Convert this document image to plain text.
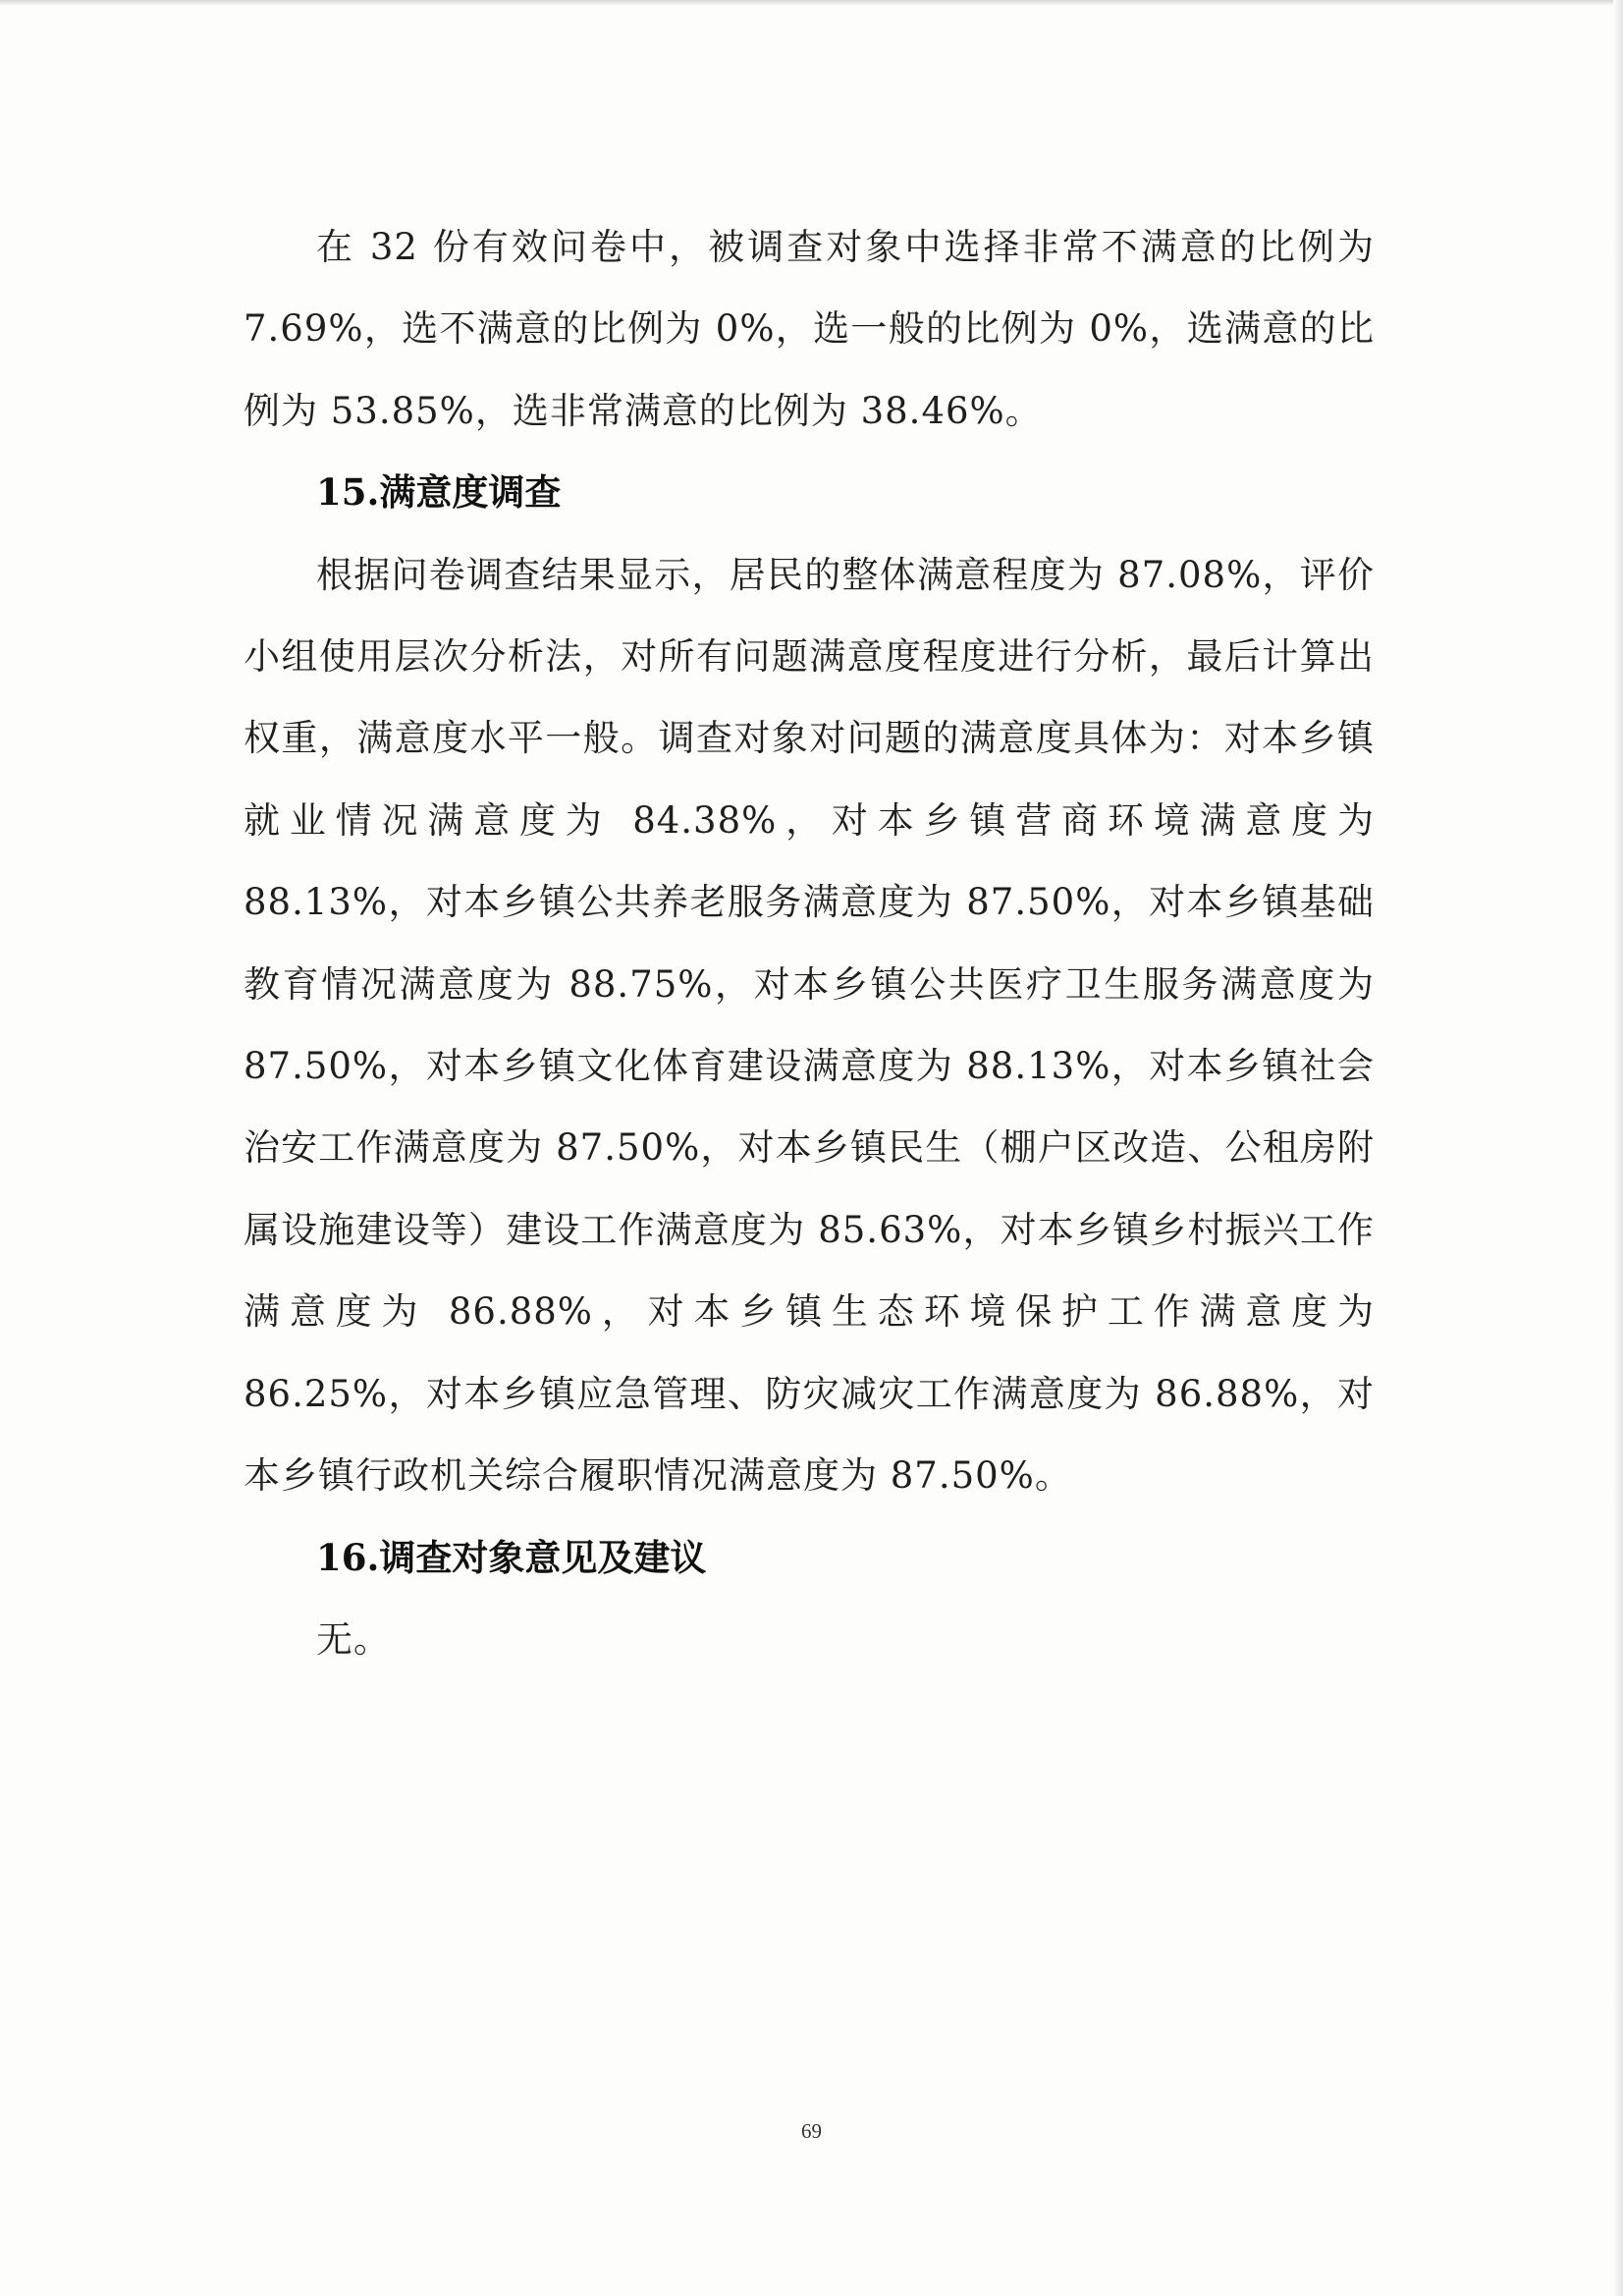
在 32 份有效问卷中，被调查对象中选择非常不满意的比例为 7.69%，选不满意的比例为 0%，选一般的比例为 0%，选满意的比例为 53.85%，选非常满意的比例为 38.46%。

15.满意度调查

根据问卷调查结果显示，居民的整体满意程度为 87.08%，评价小组使用层次分析法，对所有问题满意度程度进行分析，最后计算出权重，满意度水平一般。调查对象对问题的满意度具体为：对本乡镇就业情况满意度为 84.38%，对本乡镇营商环境满意度为 88.13%，对本乡镇公共养老服务满意度为 87.50%，对本乡镇基础教育情况满意度为 88.75%，对本乡镇公共医疗卫生服务满意度为 87.50%，对本乡镇文化体育建设满意度为 88.13%，对本乡镇社会治安工作满意度为 87.50%，对本乡镇民生（棚户区改造、公租房附属设施建设等）建设工作满意度为 85.63%，对本乡镇乡村振兴工作满意度为 86.88%，对本乡镇生态环境保护工作满意度为 86.25%，对本乡镇应急管理、防灾减灾工作满意度为 86.88%，对本乡镇行政机关综合履职情况满意度为 87.50%。

16.调查对象意见及建议

无。

69
